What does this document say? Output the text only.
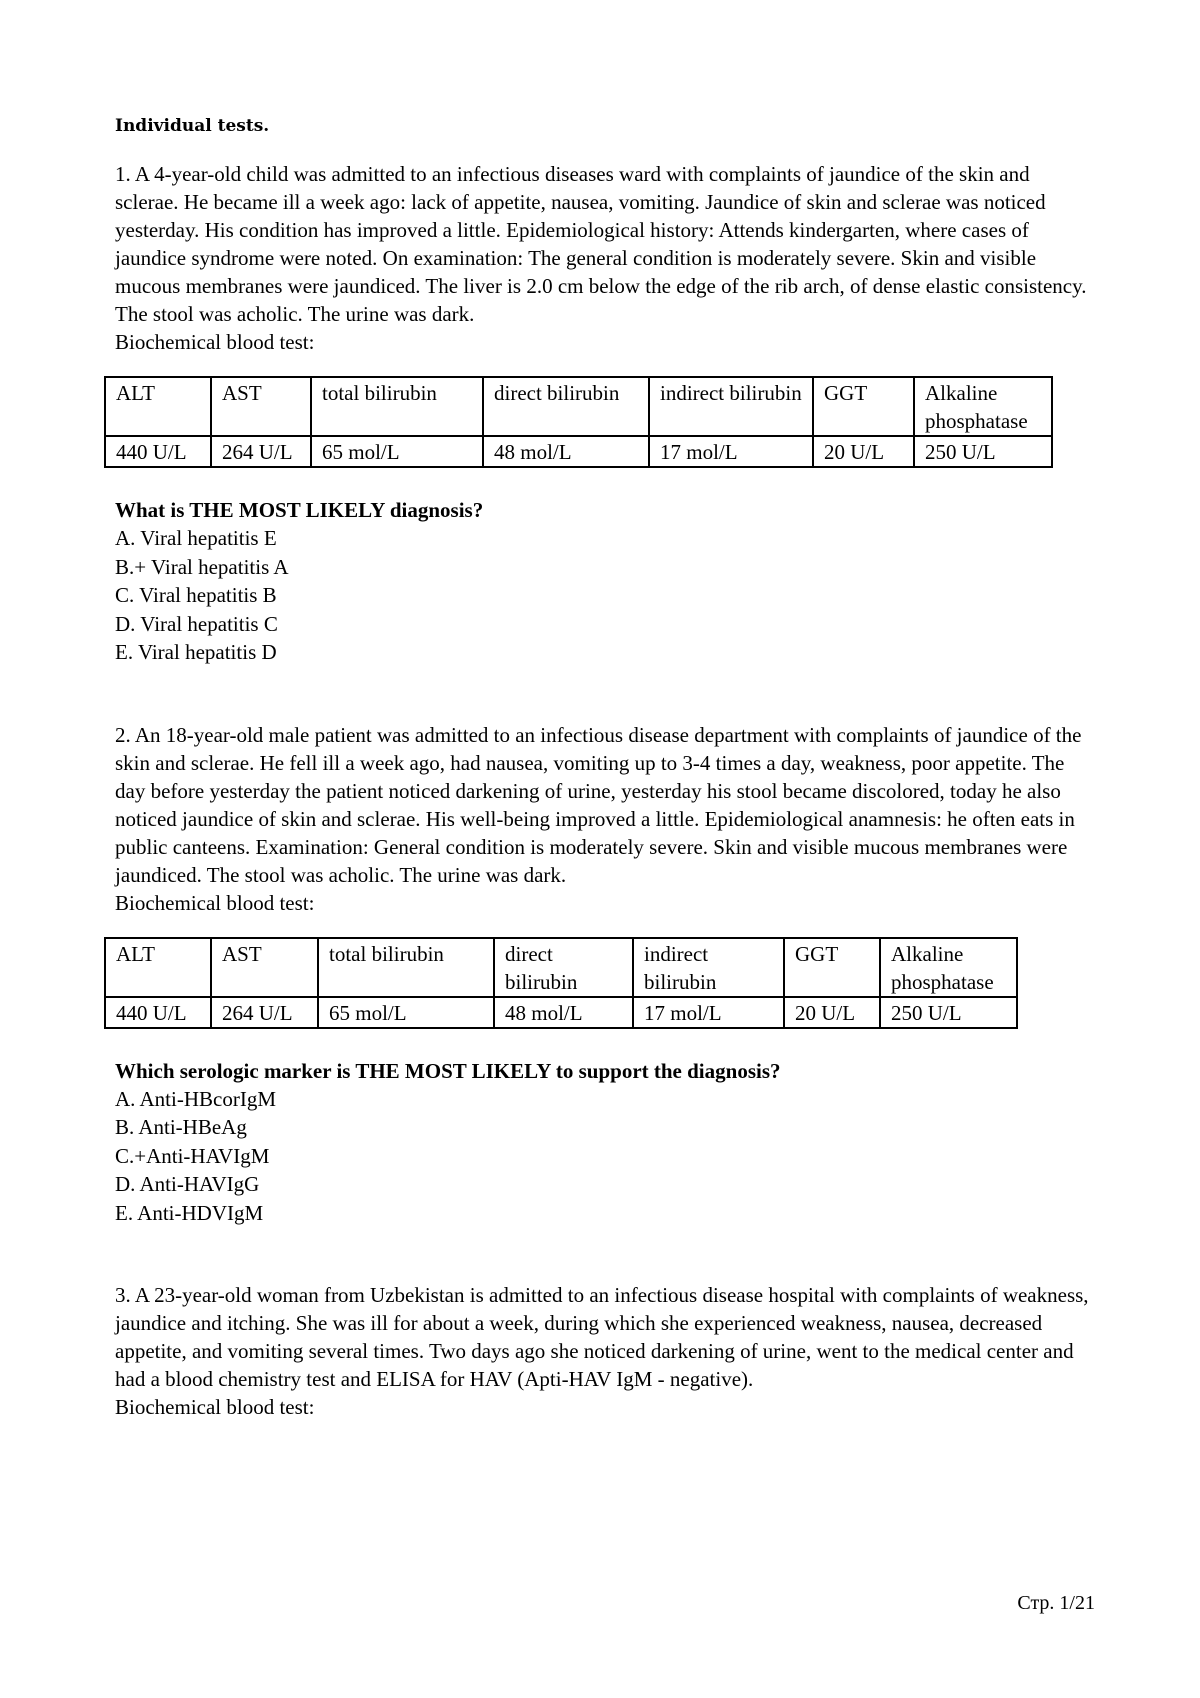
Individual tests.

1. A 4-year-old child was admitted to an infectious diseases ward with complaints of jaundice of the skin and sclerae. He became ill a week ago: lack of appetite, nausea, vomiting. Jaundice of skin and sclerae was noticed yesterday. His condition has improved a little. Epidemiological history: Attends kindergarten, where cases of jaundice syndrome were noted. On examination: The general condition is moderately severe. Skin and visible mucous membranes were jaundiced. The liver is 2.0 cm below the edge of the rib arch, of dense elastic consistency. The stool was acholic. The urine was dark.

Biochemical blood test:

ALT	AST	total bilirubin	direct bilirubin	indirect bilirubin	GGT	Alkaline phosphatase
440 U/L	264 U/L	65 mol/L	48 mol/L	17 mol/L	20 U/L	250 U/L

What is THE MOST LIKELY diagnosis?

A. Viral hepatitis E

B.+ Viral hepatitis A

C. Viral hepatitis B

D. Viral hepatitis C

E. Viral hepatitis D

2. An 18-year-old male patient was admitted to an infectious disease department with complaints of jaundice of the skin and sclerae. He fell ill a week ago, had nausea, vomiting up to 3-4 times a day, weakness, poor appetite. The day before yesterday the patient noticed darkening of urine, yesterday his stool became discolored, today he also noticed jaundice of skin and sclerae. His well-being improved a little. Epidemiological anamnesis: he often eats in public canteens. Examination: General condition is moderately severe. Skin and visible mucous membranes were jaundiced. The stool was acholic. The urine was dark.

Biochemical blood test:

ALT	AST	total bilirubin	direct bilirubin	indirect bilirubin	GGT	Alkaline phosphatase
440 U/L	264 U/L	65 mol/L	48 mol/L	17 mol/L	20 U/L	250 U/L

Which serologic marker is THE MOST LIKELY to support the diagnosis?

A. Anti-HBcorIgM

B. Anti-HBeAg

C.+Anti-HAVIgM

D. Anti-HAVIgG

E. Anti-HDVIgM

3. A 23-year-old woman from Uzbekistan is admitted to an infectious disease hospital with complaints of weakness, jaundice and itching. She was ill for about a week, during which she experienced weakness, nausea, decreased appetite, and vomiting several times. Two days ago she noticed darkening of urine, went to the medical center and had a blood chemistry test and ELISA for HAV (Apti-HAV IgM - negative).

Biochemical blood test:

Стр. 1/21
